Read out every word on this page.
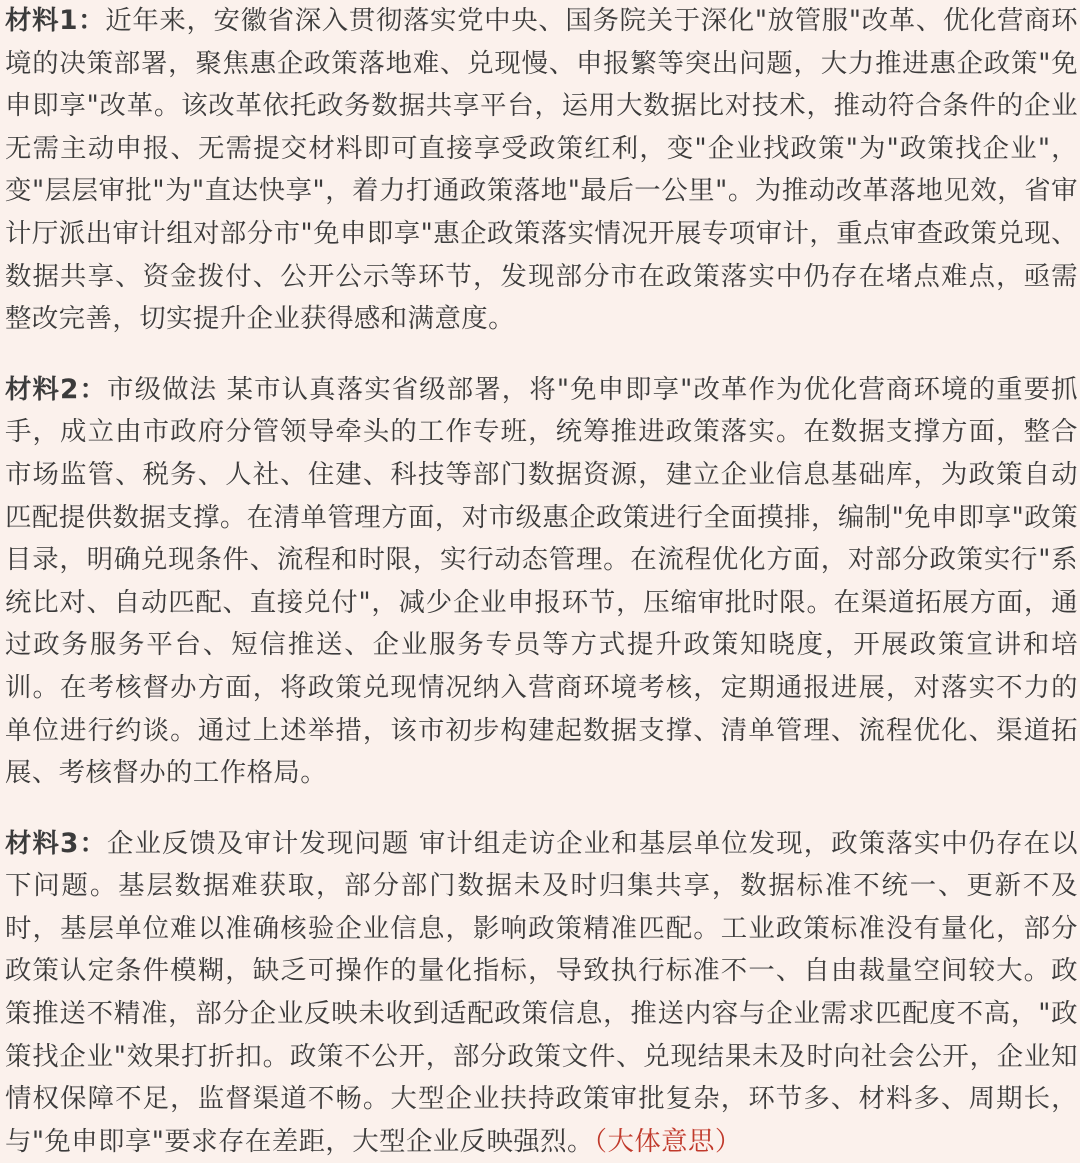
材料1：近年来，安徽省深入贯彻落实党中央、国务院关于深化"放管服"改革、优化营商环境的决策部署，聚焦惠企政策落地难、兑现慢、申报繁等突出问题，大力推进惠企政策"免申即享"改革。该改革依托政务数据共享平台，运用大数据比对技术，推动符合条件的企业无需主动申报、无需提交材料即可直接享受政策红利，变"企业找政策"为"政策找企业"，变"层层审批"为"直达快享"，着力打通政策落地"最后一公里"。为推动改革落地见效，省审计厅派出审计组对部分市"免申即享"惠企政策落实情况开展专项审计，重点审查政策兑现、数据共享、资金拨付、公开公示等环节，发现部分市在政策落实中仍存在堵点难点，亟需整改完善，切实提升企业获得感和满意度。

材料2：市级做法 某市认真落实省级部署，将"免申即享"改革作为优化营商环境的重要抓手，成立由市政府分管领导牵头的工作专班，统筹推进政策落实。在数据支撑方面，整合市场监管、税务、人社、住建、科技等部门数据资源，建立企业信息基础库，为政策自动匹配提供数据支撑。在清单管理方面，对市级惠企政策进行全面摸排，编制"免申即享"政策目录，明确兑现条件、流程和时限，实行动态管理。在流程优化方面，对部分政策实行"系统比对、自动匹配、直接兑付"，减少企业申报环节，压缩审批时限。在渠道拓展方面，通过政务服务平台、短信推送、企业服务专员等方式提升政策知晓度，开展政策宣讲和培训。在考核督办方面，将政策兑现情况纳入营商环境考核，定期通报进展，对落实不力的单位进行约谈。通过上述举措，该市初步构建起数据支撑、清单管理、流程优化、渠道拓展、考核督办的工作格局。

材料3：企业反馈及审计发现问题 审计组走访企业和基层单位发现，政策落实中仍存在以下问题。基层数据难获取，部分部门数据未及时归集共享，数据标准不统一、更新不及时，基层单位难以准确核验企业信息，影响政策精准匹配。工业政策标准没有量化，部分政策认定条件模糊，缺乏可操作的量化指标，导致执行标准不一、自由裁量空间较大。政策推送不精准，部分企业反映未收到适配政策信息，推送内容与企业需求匹配度不高，"政策找企业"效果打折扣。政策不公开，部分政策文件、兑现结果未及时向社会公开，企业知情权保障不足，监督渠道不畅。大型企业扶持政策审批复杂，环节多、材料多、周期长，与"免申即享"要求存在差距，大型企业反映强烈。（大体意思）
